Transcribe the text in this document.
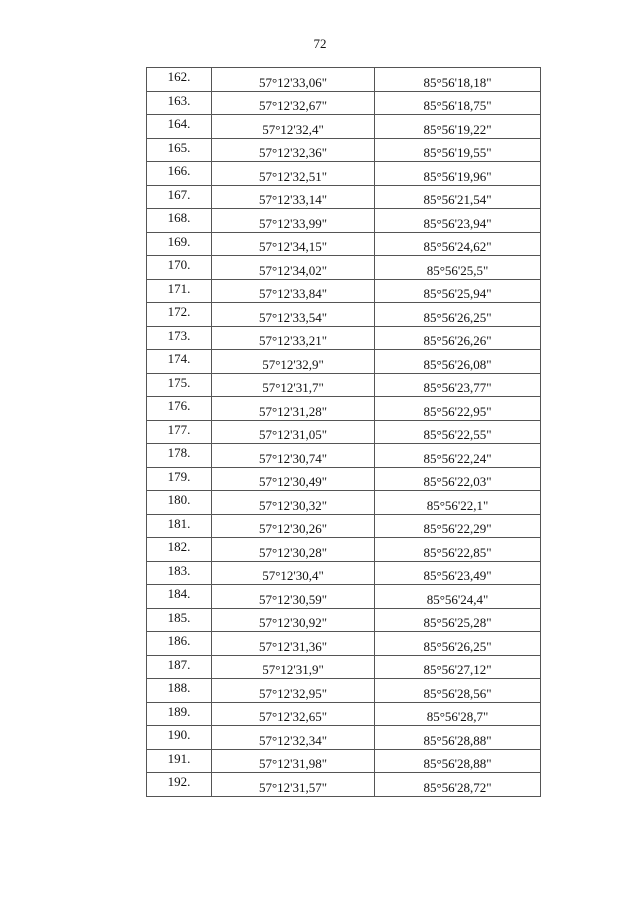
72
162.	57°12'33,06"	85°56'18,18"
163.	57°12'32,67"	85°56'18,75"
164.	57°12'32,4"	85°56'19,22"
165.	57°12'32,36"	85°56'19,55"
166.	57°12'32,51"	85°56'19,96"
167.	57°12'33,14"	85°56'21,54"
168.	57°12'33,99"	85°56'23,94"
169.	57°12'34,15"	85°56'24,62"
170.	57°12'34,02"	85°56'25,5"
171.	57°12'33,84"	85°56'25,94"
172.	57°12'33,54"	85°56'26,25"
173.	57°12'33,21"	85°56'26,26"
174.	57°12'32,9"	85°56'26,08"
175.	57°12'31,7"	85°56'23,77"
176.	57°12'31,28"	85°56'22,95"
177.	57°12'31,05"	85°56'22,55"
178.	57°12'30,74"	85°56'22,24"
179.	57°12'30,49"	85°56'22,03"
180.	57°12'30,32"	85°56'22,1"
181.	57°12'30,26"	85°56'22,29"
182.	57°12'30,28"	85°56'22,85"
183.	57°12'30,4"	85°56'23,49"
184.	57°12'30,59"	85°56'24,4"
185.	57°12'30,92"	85°56'25,28"
186.	57°12'31,36"	85°56'26,25"
187.	57°12'31,9"	85°56'27,12"
188.	57°12'32,95"	85°56'28,56"
189.	57°12'32,65"	85°56'28,7"
190.	57°12'32,34"	85°56'28,88"
191.	57°12'31,98"	85°56'28,88"
192.	57°12'31,57"	85°56'28,72"
